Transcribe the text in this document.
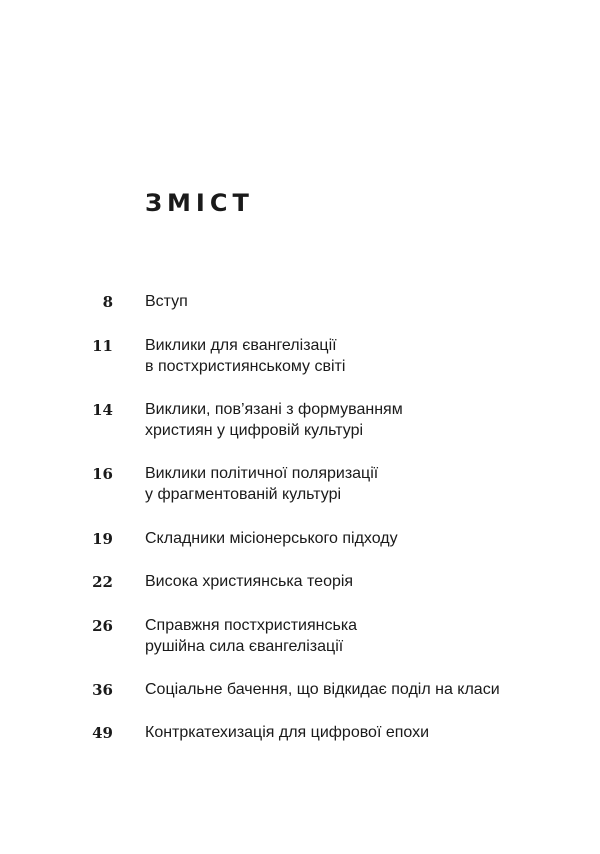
ЗМІСТ
8 Вступ
11 Виклики для євангелізації
в постхристиянському світі
14 Виклики, пов’язані з формуванням
християн у цифровій культурі
16 Виклики політичної поляризації
у фрагментованій культурі
19 Складники місіонерського підходу
22 Висока християнська теорія
26 Справжня постхристиянська
рушійна сила євангелізації
36 Соціальне бачення, що відкидає поділ на класи
49 Контркатехизація для цифрової епохи
